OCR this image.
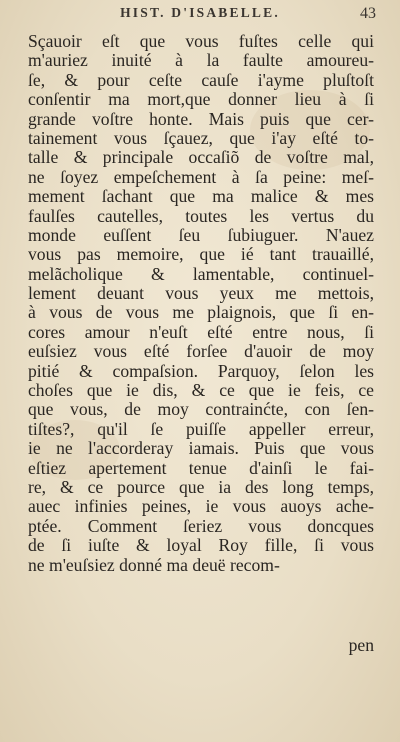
HIST. D'ISABELLE.	43
Sçauoir eſt que vous fuſtes celle qui
m'auriez inuité à la faulte amoureu-
ſe, & pour ceſte cauſe i'ayme pluſtoſt
conſentir ma mort,que donner lieu à ſi
grande voſtre honte. Mais puis que cer-
tainement vous ſçauez, que i'ay eſté to-
talle & principale occaſiõ de voſtre mal,
ne ſoyez empeſchement à ſa peine: meſ-
mement ſachant que ma malice & mes
faulſes cautelles, toutes les vertus du
monde euſſent ſeu ſubiuguer. N'auez
vous pas memoire, que ié tant trauaillé,
melãcholique & lamentable, continuel-
lement deuant vous yeux me mettois,
à vous de vous me plaignois, que ſi en-
cores amour n'euſt eſté entre nous, ſi
euſsiez vous eſté forſee d'auoir de moy
pitié & compaſsion. Parquoy, ſelon les
choſes que ie dis, & ce que ie feis, ce
que vous, de moy contrainćte, con ſen-
tiſtes?, qu'il ſe puiſſe appeller erreur,
ie ne l'accorderay iamais. Puis que vous
eſtiez apertement tenue d'ainſi le fai-
re, & ce pource que ia des long temps,
auec infinies peines, ie vous auoys ache-
ptée. Comment ſeriez vous doncques
de ſi iuſte & loyal Roy fille, ſi vous
ne m'euſsiez donné ma deuë recom-
pen
